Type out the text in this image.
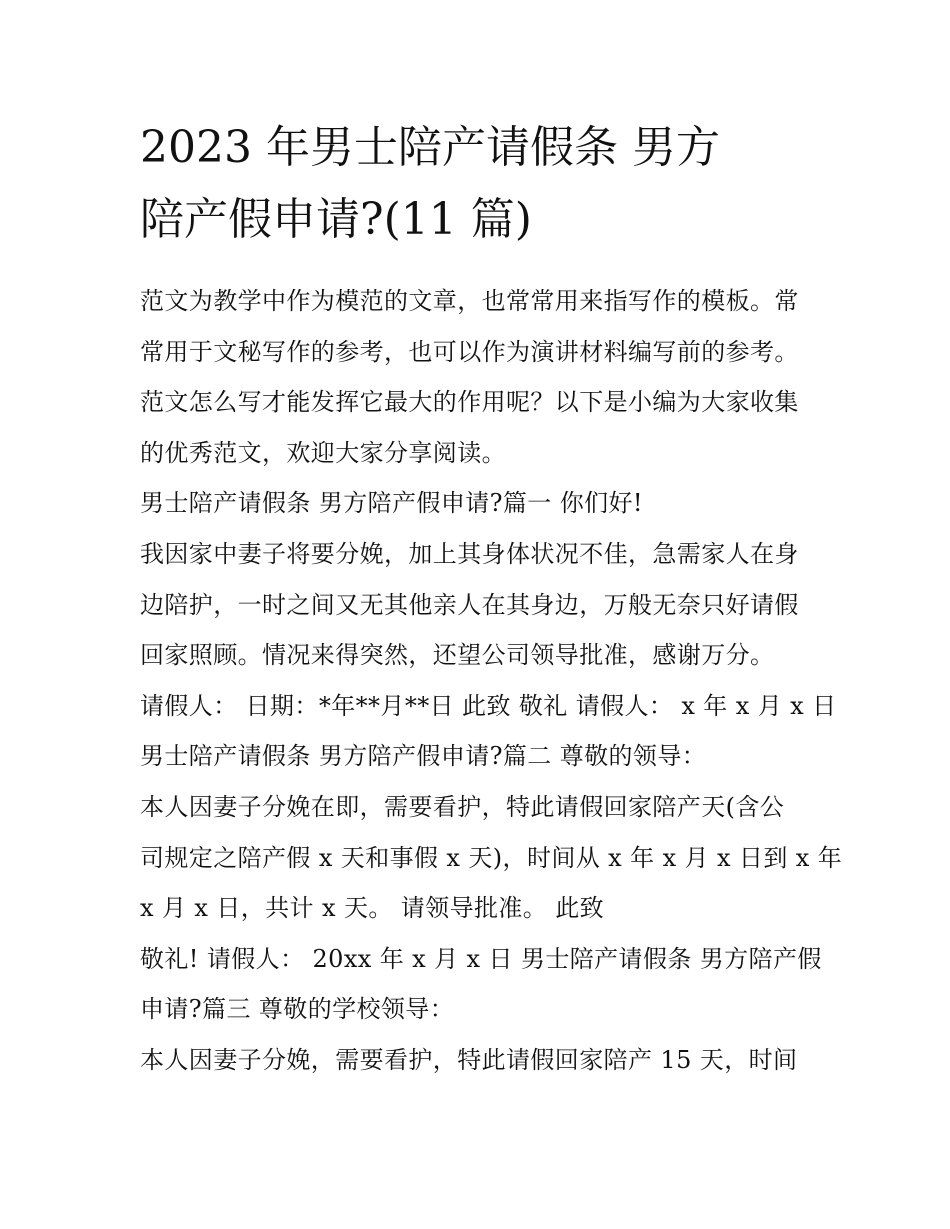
2023 年男士陪产请假条 男方
陪产假申请?(11 篇)
范文为教学中作为模范的文章，也常常用来指写作的模板。常
常用于文秘写作的参考，也可以作为演讲材料编写前的参考。
范文怎么写才能发挥它最大的作用呢？以下是小编为大家收集
的优秀范文，欢迎大家分享阅读。
男士陪产请假条 男方陪产假申请?篇一 你们好!
我因家中妻子将要分娩，加上其身体状况不佳，急需家人在身
边陪护，一时之间又无其他亲人在其身边，万般无奈只好请假
回家照顾。情况来得突然，还望公司领导批准，感谢万分。
请假人： 日期：*年**月**日 此致 敬礼 请假人： x 年 x 月 x 日
男士陪产请假条 男方陪产假申请?篇二 尊敬的领导：
本人因妻子分娩在即，需要看护，特此请假回家陪产天(含公
司规定之陪产假 x 天和事假 x 天)，时间从 x 年 x 月 x 日到 x 年
x 月 x 日，共计 x 天。 请领导批准。 此致
敬礼! 请假人： 20xx 年 x 月 x 日 男士陪产请假条 男方陪产假
申请?篇三 尊敬的学校领导：
本人因妻子分娩，需要看护，特此请假回家陪产 15 天，时间
